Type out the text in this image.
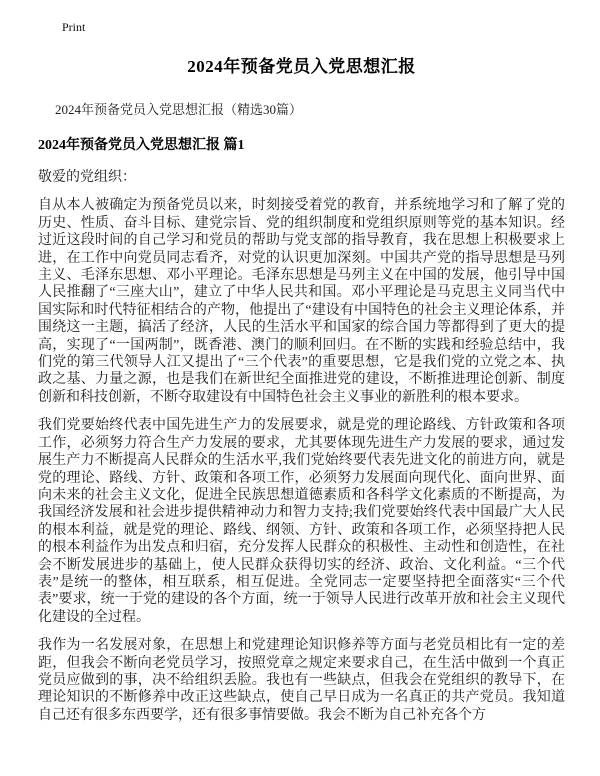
Print
2024年预备党员入党思想汇报
2024年预备党员入党思想汇报（精选30篇）
2024年预备党员入党思想汇报 篇1

敬爱的党组织：

自从本人被确定为预备党员以来，时刻接受着党的教育，并系统地学习和了解了党的历史、性质、奋斗目标、建党宗旨、党的组织制度和党组织原则等党的基本知识。经过近这段时间的自己学习和党员的帮助与党支部的指导教育，我在思想上积极要求上进，在工作中向党员同志看齐，对党的认识更加深刻。中国共产党的指导思想是马列主义、毛泽东思想、邓小平理论。毛泽东思想是马列主义在中国的发展，他引导中国人民推翻了“三座大山”，建立了中华人民共和国。邓小平理论是马克思主义同当代中国实际和时代特征相结合的产物，他提出了“建设有中国特色的社会主义理论体系，并围绕这一主题，搞活了经济，人民的生活水平和国家的综合国力等都得到了更大的提高，实现了“一国两制”，既香港、澳门的顺利回归。在不断的实践和经验总结中，我们党的第三代领导人江又提出了“三个代表”的重要思想，它是我们党的立党之本、执政之基、力量之源，也是我们在新世纪全面推进党的建设，不断推进理论创新、制度创新和科技创新，不断夺取建设有中国特色社会主义事业的新胜利的根本要求。

我们党要始终代表中国先进生产力的发展要求，就是党的理论路线、方针政策和各项工作，必须努力符合生产力发展的要求，尤其要体现先进生产力发展的要求，通过发展生产力不断提高人民群众的生活水平,我们党始终要代表先进文化的前进方向，就是党的理论、路线、方针、政策和各项工作，必须努力发展面向现代化、面向世界、面向未来的社会主义文化，促进全民族思想道德素质和各科学文化素质的不断提高，为我国经济发展和社会进步提供精神动力和智力支持;我们党要始终代表中国最广大人民的根本利益，就是党的理论、路线、纲领、方针、政策和各项工作，必须坚持把人民的根本利益作为出发点和归宿，充分发挥人民群众的积极性、主动性和创造性，在社会不断发展进步的基础上，使人民群众获得切实的经济、政治、文化利益。“三个代表”是统一的整体，相互联系，相互促进。全党同志一定要坚持把全面落实“三个代表”要求，统一于党的建设的各个方面，统一于领导人民进行改革开放和社会主义现代化建设的全过程。

我作为一名发展对象，在思想上和党建理论知识修养等方面与老党员相比有一定的差距，但我会不断向老党员学习，按照党章之规定来要求自己，在生活中做到一个真正党员应做到的事，决不给组织丢脸。我也有一些缺点，但我会在党组织的教导下，在理论知识的不断修养中改正这些缺点，使自己早日成为一名真正的共产党员。我知道自己还有很多东西要学，还有很多事情要做。我会不断为自己补充各个方
